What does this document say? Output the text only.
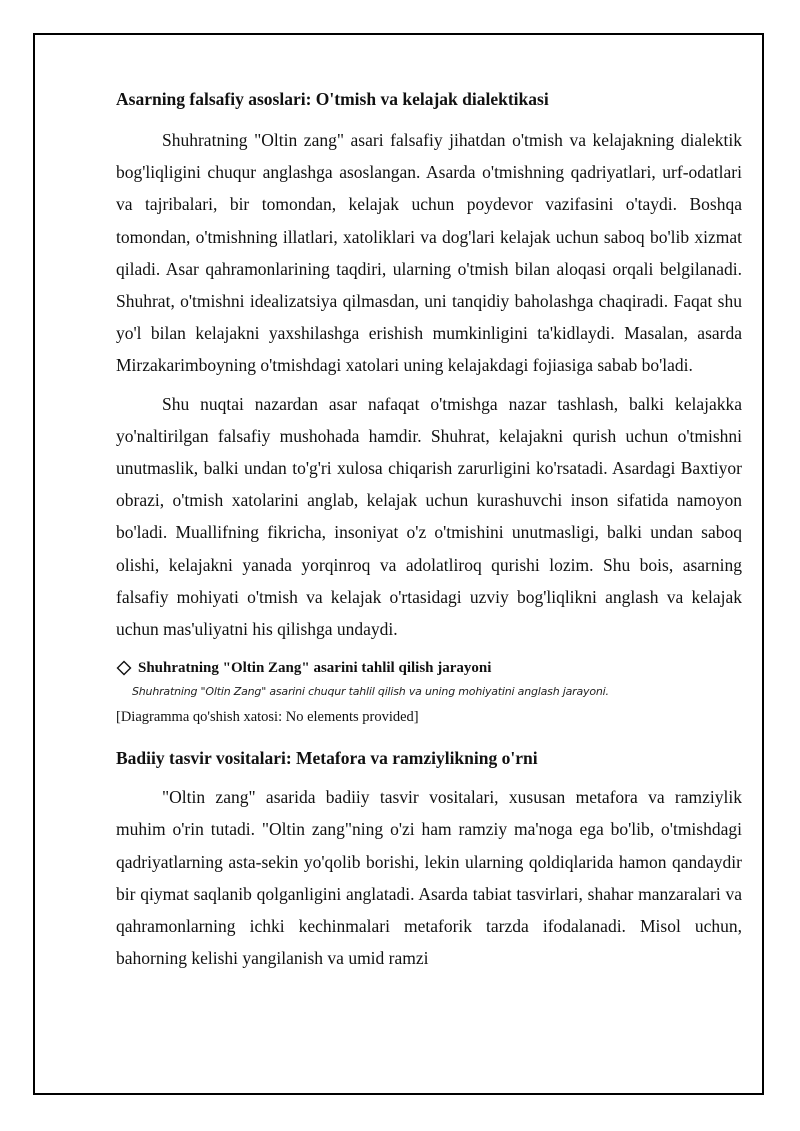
Asarning falsafiy asoslari: O'tmish va kelajak dialektikasi

Shuhratning "Oltin zang" asari falsafiy jihatdan o'tmish va kelajakning dialektik bog'liqligini chuqur anglashga asoslangan. Asarda o'tmishning qadriyatlari, urf-odatlari va tajribalari, bir tomondan, kelajak uchun poydevor vazifasini o'taydi. Boshqa tomondan, o'tmishning illatlari, xatoliklari va dog'lari kelajak uchun saboq bo'lib xizmat qiladi. Asar qahramonlarining taqdiri, ularning o'tmish bilan aloqasi orqali belgilanadi. Shuhrat, o'tmishni idealizatsiya qilmasdan, uni tanqidiy baholashga chaqiradi. Faqat shu yo'l bilan kelajakni yaxshilashga erishish mumkinligini ta'kidlaydi. Masalan, asarda Mirzakarimboyning o'tmishdagi xatolari uning kelajakdagi fojiasiga sabab bo'ladi.

Shu nuqtai nazardan asar nafaqat o'tmishga nazar tashlash, balki kelajakka yo'naltirilgan falsafiy mushohada hamdir. Shuhrat, kelajakni qurish uchun o'tmishni unutmaslik, balki undan to'g'ri xulosa chiqarish zarurligini ko'rsatadi. Asardagi Baxtiyor obrazi, o'tmish xatolarini anglab, kelajak uchun kurashuvchi inson sifatida namoyon bo'ladi. Muallifning fikricha, insoniyat o'z o'tmishini unutmasligi, balki undan saboq olishi, kelajakni yanada yorqinroq va adolatliroq qurishi lozim. Shu bois, asarning falsafiy mohiyati o'tmish va kelajak o'rtasidagi uzviy bog'liqlikni anglash va kelajak uchun mas'uliyatni his qilishga undaydi.

Shuhratning "Oltin Zang" asarini tahlil qilish jarayoni
Shuhratning "Oltin Zang" asarini chuqur tahlil qilish va uning mohiyatini anglash jarayoni.
[Diagramma qo'shish xatosi: No elements provided]
Badiiy tasvir vositalari: Metafora va ramziylikning o'rni

"Oltin zang" asarida badiiy tasvir vositalari, xususan metafora va ramziylik muhim o'rin tutadi. "Oltin zang"ning o'zi ham ramziy ma'noga ega bo'lib, o'tmishdagi qadriyatlarning asta-sekin yo'qolib borishi, lekin ularning qoldiqlarida hamon qandaydir bir qiymat saqlanib qolganligini anglatadi. Asarda tabiat tasvirlari, shahar manzaralari va qahramonlarning ichki kechinmalari metaforik tarzda ifodalanadi. Misol uchun, bahorning kelishi yangilanish va umid ramzi
